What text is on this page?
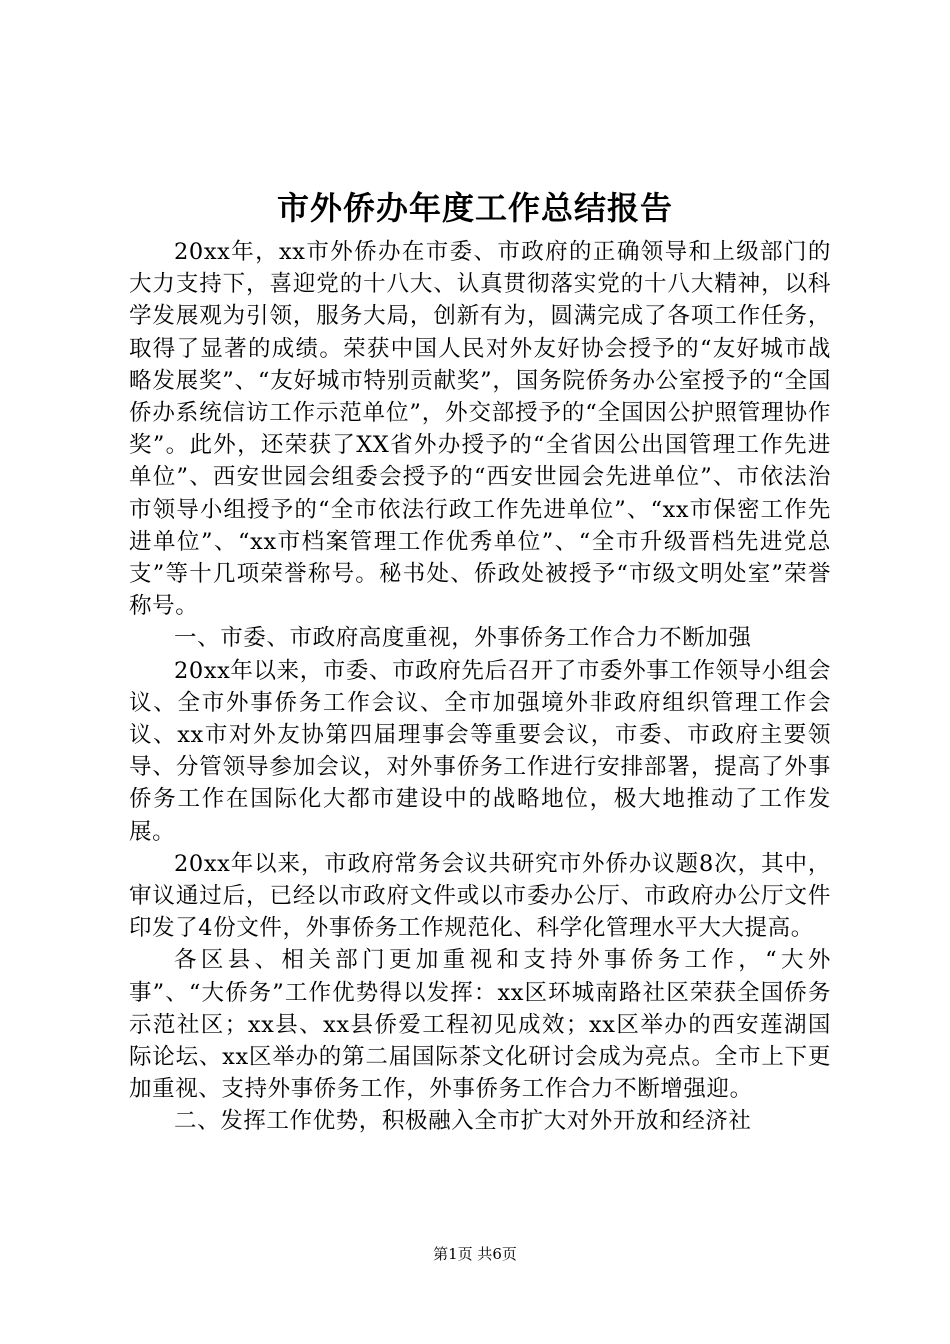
市外侨办年度工作总结报告

20xx年，xx市外侨办在市委、市政府的正确领导和上级部门的大力支持下，喜迎党的十八大、认真贯彻落实党的十八大精神，以科学发展观为引领，服务大局，创新有为，圆满完成了各项工作任务，取得了显著的成绩。荣获中国人民对外友好协会授予的“友好城市战略发展奖”、“友好城市特别贡献奖”，国务院侨务办公室授予的“全国侨办系统信访工作示范单位”，外交部授予的“全国因公护照管理协作奖”。此外，还荣获了XX省外办授予的“全省因公出国管理工作先进单位”、西安世园会组委会授予的“西安世园会先进单位”、市依法治市领导小组授予的“全市依法行政工作先进单位”、“xx市保密工作先进单位”、“xx市档案管理工作优秀单位”、“全市升级晋档先进党总支”等十几项荣誉称号。秘书处、侨政处被授予“市级文明处室”荣誉称号。

一、市委、市政府高度重视，外事侨务工作合力不断加强

20xx年以来，市委、市政府先后召开了市委外事工作领导小组会议、全市外事侨务工作会议、全市加强境外非政府组织管理工作会议、xx市对外友协第四届理事会等重要会议，市委、市政府主要领导、分管领导参加会议，对外事侨务工作进行安排部署，提高了外事侨务工作在国际化大都市建设中的战略地位，极大地推动了工作发展。

20xx年以来，市政府常务会议共研究市外侨办议题8次，其中，审议通过后，已经以市政府文件或以市委办公厅、市政府办公厅文件印发了4份文件，外事侨务工作规范化、科学化管理水平大大提高。

各区县、相关部门更加重视和支持外事侨务工作，“大外事”、“大侨务”工作优势得以发挥：xx区环城南路社区荣获全国侨务示范社区；xx县、xx县侨爱工程初见成效；xx区举办的西安莲湖国际论坛、xx区举办的第二届国际茶文化研讨会成为亮点。全市上下更加重视、支持外事侨务工作，外事侨务工作合力不断增强迎。

二、发挥工作优势，积极融入全市扩大对外开放和经济社

第1页 共6页
